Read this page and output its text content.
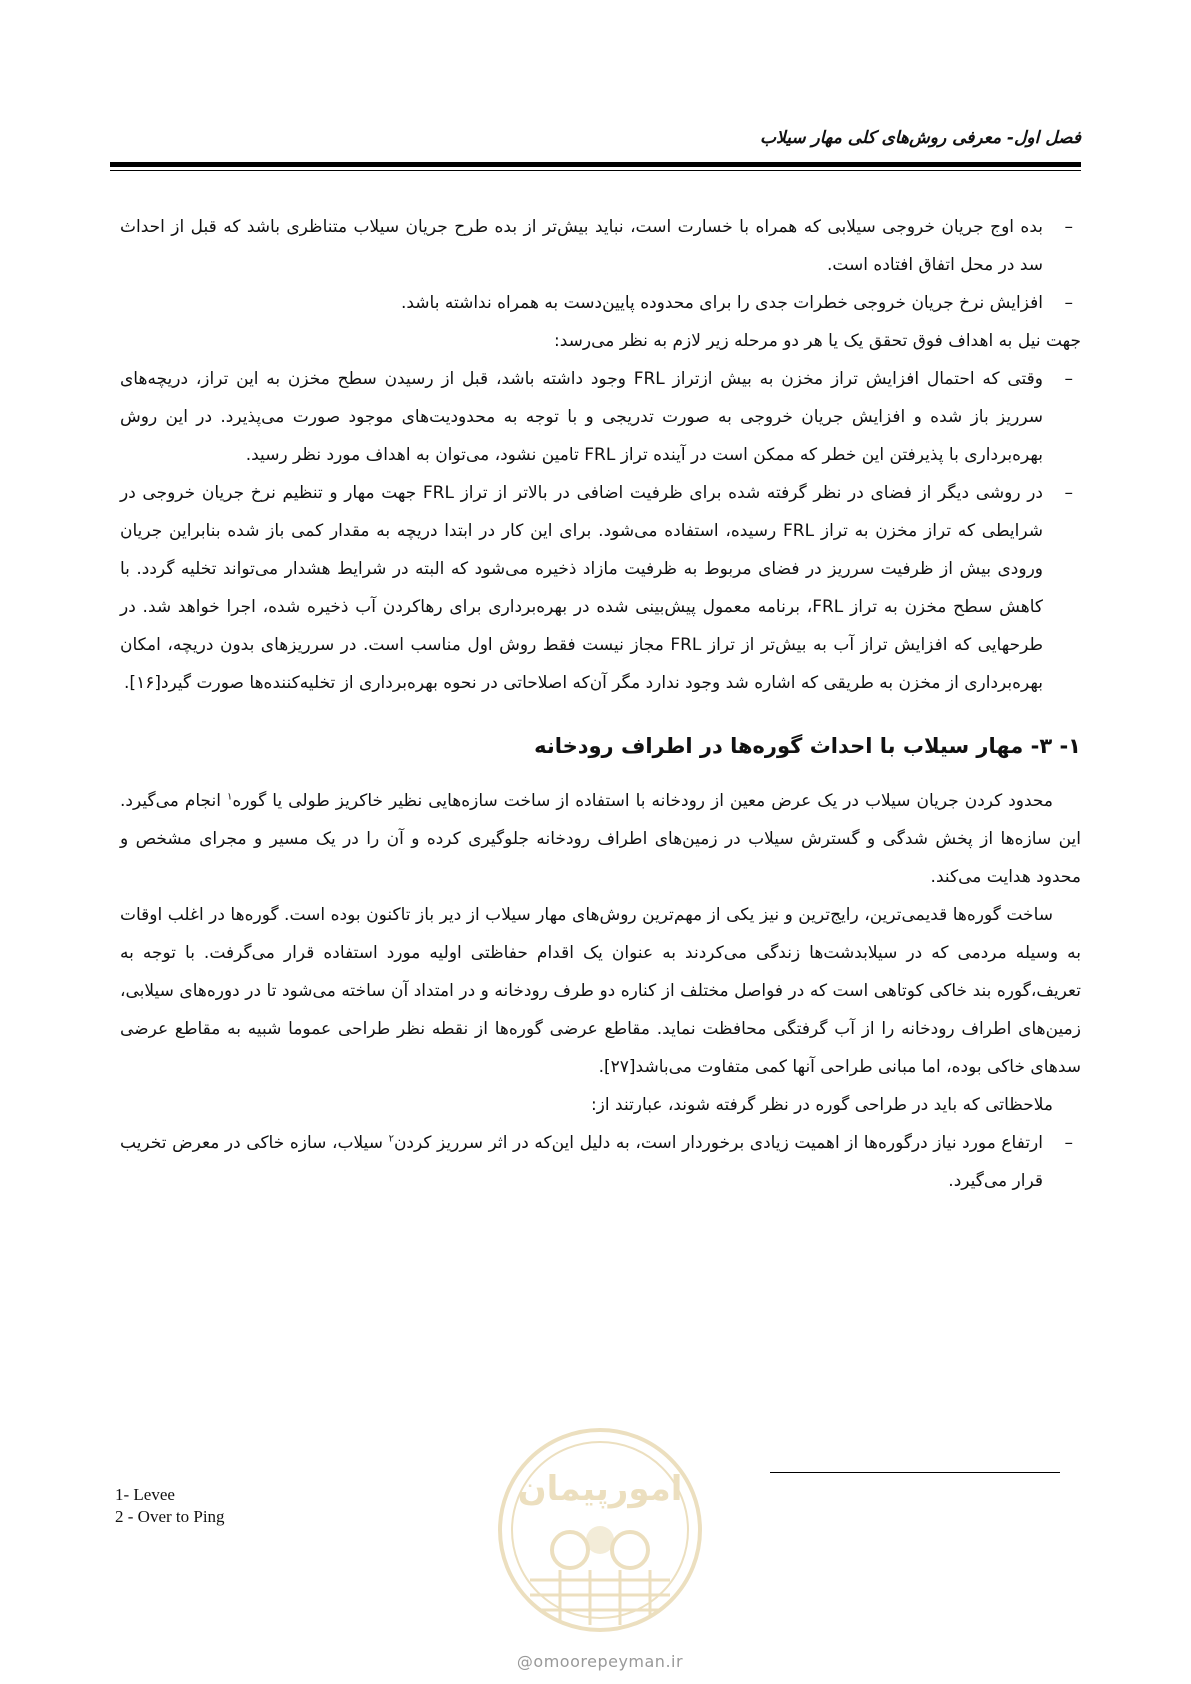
فصل اول- معرفی روش‌های کلی مهار سیلاب

–
بده اوج جریان خروجی سیلابی که همراه با خسارت است، نباید بیش‌تر از بده طرح جریان سیلاب متناظری باشد که قبل از احداث سد در محل اتفاق افتاده است.

–
افزایش نرخ جریان خروجی خطرات جدی را برای محدوده پایین‌دست به همراه نداشته باشد.

جهت نیل به اهداف فوق تحقق یک یا هر دو مرحله زیر لازم به نظر می‌رسد:

–
وقتی که احتمال افزایش تراز مخزن به بیش ازتراز FRL وجود داشته باشد، قبل از رسیدن سطح مخزن به این تراز، دریچه‌های سرریز باز شده و افزایش جریان خروجی به صورت تدریجی و با توجه به محدودیت‌های موجود صورت می‌پذیرد. در این روش بهره‌برداری با پذیرفتن این خطر که ممکن است در آینده تراز FRL تامین نشود، می‌توان به اهداف مورد نظر رسید.

–
در روشی دیگر از فضای در نظر گرفته شده برای ظرفیت اضافی در بالاتر از تراز FRL جهت مهار و تنظیم نرخ جریان خروجی در شرایطی که تراز مخزن به تراز FRL رسیده، استفاده می‌شود. برای این کار در ابتدا دریچه به مقدار کمی باز شده بنابراین جریان ورودی بیش از ظرفیت سرریز در فضای مربوط به ظرفیت مازاد ذخیره می‌شود که البته در شرایط هشدار می‌تواند تخلیه گردد. با کاهش سطح مخزن به تراز FRL، برنامه معمول پیش‌بینی شده در بهره‌برداری برای رهاکردن آب ذخیره شده، اجرا خواهد شد. در طرحهایی که افزایش تراز آب به بیش‌تر از تراز FRL مجاز نیست فقط روش اول مناسب است. در سرریزهای بدون دریچه، امکان بهره‌برداری از مخزن به طریقی که اشاره شد وجود ندارد مگر آن‌که اصلاحاتی در نحوه بهره‌برداری از تخلیه‌کننده‌ها صورت گیرد[۱۶].

۱- ۳- مهار سیلاب با احداث گوره‌ها در اطراف رودخانه

محدود کردن جریان سیلاب در یک عرض معین از رودخانه با استفاده از ساخت سازه‌هایی نظیر خاکریز طولی یا گوره$^۱$ انجام می‌گیرد. این سازه‌ها از پخش شدگی و گسترش سیلاب در زمین‌های اطراف رودخانه جلوگیری کرده و آن را در یک مسیر و مجرای مشخص و محدود هدایت می‌کند.

ساخت گوره‌ها قدیمی‌ترین، رایج‌ترین و نیز یکی از مهم‌ترین روش‌های مهار سیلاب از دیر باز تاکنون بوده است. گوره‌ها در اغلب اوقات به وسیله مردمی که در سیلابدشت‌ها زندگی می‌کردند به عنوان یک اقدام حفاظتی اولیه مورد استفاده قرار می‌گرفت. با توجه به تعریف،گوره بند خاکی کوتاهی است که در فواصل مختلف از کناره دو طرف رودخانه و در امتداد آن ساخته می‌شود تا در دوره‌های سیلابی، زمین‌های اطراف رودخانه را از آب گرفتگی محافظت نماید. مقاطع عرضی گوره‌ها از نقطه نظر طراحی عموما شبیه به مقاطع عرضی سدهای خاکی بوده، اما مبانی طراحی آنها کمی متفاوت می‌باشد[۲۷].

ملاحظاتی که باید در طراحی گوره در نظر گرفته شوند، عبارتند از:

–
ارتفاع مورد نیاز درگوره‌ها از اهمیت زیادی برخوردار است، به دلیل این‌که در اثر سرریز کردن$^۲$ سیلاب، سازه خاکی در معرض تخریب قرار می‌گیرد.

1- Levee
2 - Over to Ping
امورپیمان
@omoorepeyman.ir
